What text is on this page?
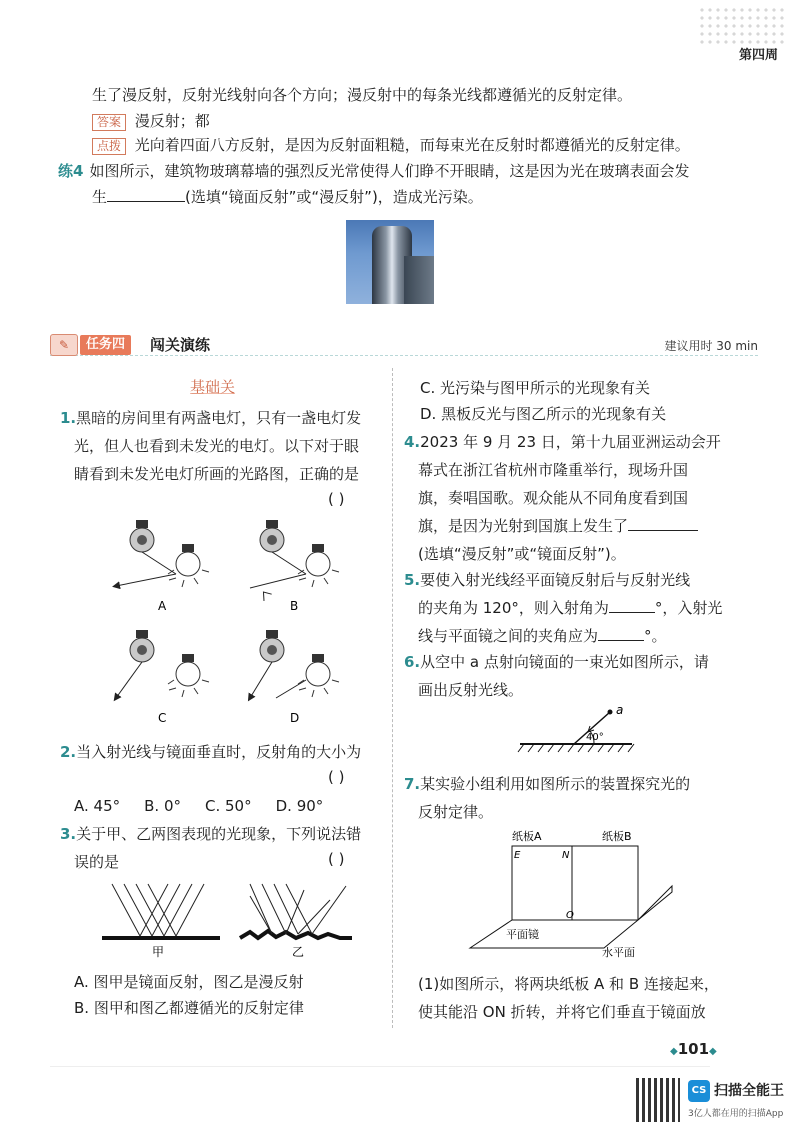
第四周
生了漫反射，反射光线射向各个方向；漫反射中的每条光线都遵循光的反射定律。
答案 漫反射；都
点拨 光向着四面八方反射，是因为反射面粗糙，而每束光在反射时都遵循光的反射定律。
练4 如图所示，建筑物玻璃幕墙的强烈反光常使得人们睁不开眼睛，这是因为光在玻璃表面会发
生	(选填“镜面反射”或“漫反射”)，造成光污染。
✎	任务四	闯关演练	建议用时 30 min
基础关
1.黑暗的房间里有两盏电灯，只有一盏电灯发
光，但人也看到未发光的电灯。以下对于眼
睛看到未发光电灯所画的光路图，正确的是
( )
A	B
C	D
2.当入射光线与镜面垂直时，反射角的大小为
( )
A. 45° B. 0° C. 50° D. 90°
3.关于甲、乙两图表现的光现象，下列说法错
误的是	( )
甲	乙
A. 图甲是镜面反射，图乙是漫反射
B. 图甲和图乙都遵循光的反射定律
C. 光污染与图甲所示的光现象有关
D. 黑板反光与图乙所示的光现象有关
4.2023 年 9 月 23 日，第十九届亚洲运动会开
幕式在浙江省杭州市隆重举行，现场升国
旗，奏唱国歌。观众能从不同角度看到国
旗，是因为光射到国旗上发生了
(选填“漫反射”或“镜面反射”)。
5.要使入射光线经平面镜反射后与反射光线
的夹角为 120°，则入射角为	°，入射光
线与平面镜之间的夹角应为	°。
6.从空中 a 点射向镜面的一束光如图所示，请
画出反射光线。
a
40°
7.某实验小组利用如图所示的装置探究光的
反射定律。
纸板A	纸板B
E	N
O
平面镜
水平面
(1)如图所示，将两块纸板 A 和 B 连接起来，
使其能沿 ON 折转，并将它们垂直于镜面放
◆101◆
CS 扫描全能王
3亿人都在用的扫描App
